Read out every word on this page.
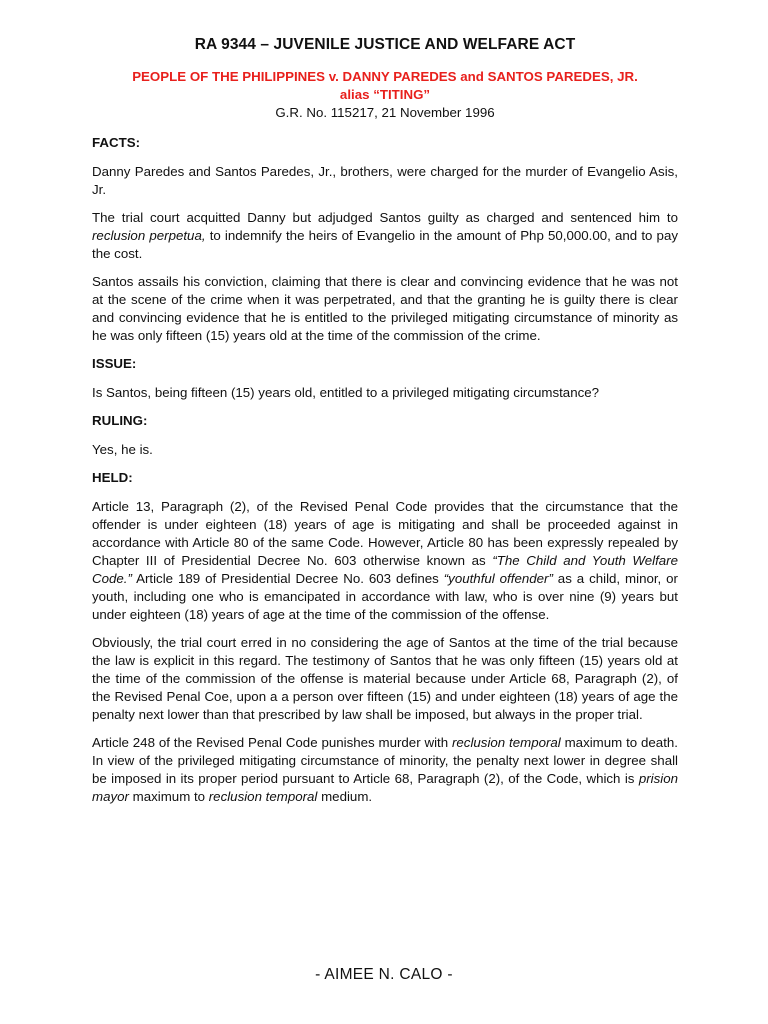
RA 9344 – JUVENILE JUSTICE AND WELFARE ACT
PEOPLE OF THE PHILIPPINES v. DANNY PAREDES and SANTOS PAREDES, JR.
alias “TITING”
G.R. No. 115217, 21 November 1996
FACTS:

Danny Paredes and Santos Paredes, Jr., brothers, were charged for the murder of Evangelio Asis, Jr.

The trial court acquitted Danny but adjudged Santos guilty as charged and sentenced him to reclusion perpetua, to indemnify the heirs of Evangelio in the amount of Php 50,000.00, and to pay the cost.

Santos assails his conviction, claiming that there is clear and convincing evidence that he was not at the scene of the crime when it was perpetrated, and that the granting he is guilty there is clear and convincing evidence that he is entitled to the privileged mitigating circumstance of minority as he was only fifteen (15) years old at the time of the commission of the crime.

ISSUE:

Is Santos, being fifteen (15) years old, entitled to a privileged mitigating circumstance?

RULING:

Yes, he is.

HELD:

Article 13, Paragraph (2), of the Revised Penal Code provides that the circumstance that the offender is under eighteen (18) years of age is mitigating and shall be proceeded against in accordance with Article 80 of the same Code. However, Article 80 has been expressly repealed by Chapter III of Presidential Decree No. 603 otherwise known as “The Child and Youth Welfare Code.” Article 189 of Presidential Decree No. 603 defines “youthful offender” as a child, minor, or youth, including one who is emancipated in accordance with law, who is over nine (9) years but under eighteen (18) years of age at the time of the commission of the offense.

Obviously, the trial court erred in no considering the age of Santos at the time of the trial because the law is explicit in this regard. The testimony of Santos that he was only fifteen (15) years old at the time of the commission of the offense is material because under Article 68, Paragraph (2), of the Revised Penal Coe, upon a a person over fifteen (15) and under eighteen (18) years of age the penalty next lower than that prescribed by law shall be imposed, but always in the proper trial.

Article 248 of the Revised Penal Code punishes murder with reclusion temporal maximum to death. In view of the privileged mitigating circumstance of minority, the penalty next lower in degree shall be imposed in its proper period pursuant to Article 68, Paragraph (2), of the Code, which is prision mayor maximum to reclusion temporal medium.

- AIMEE N. CALO -
